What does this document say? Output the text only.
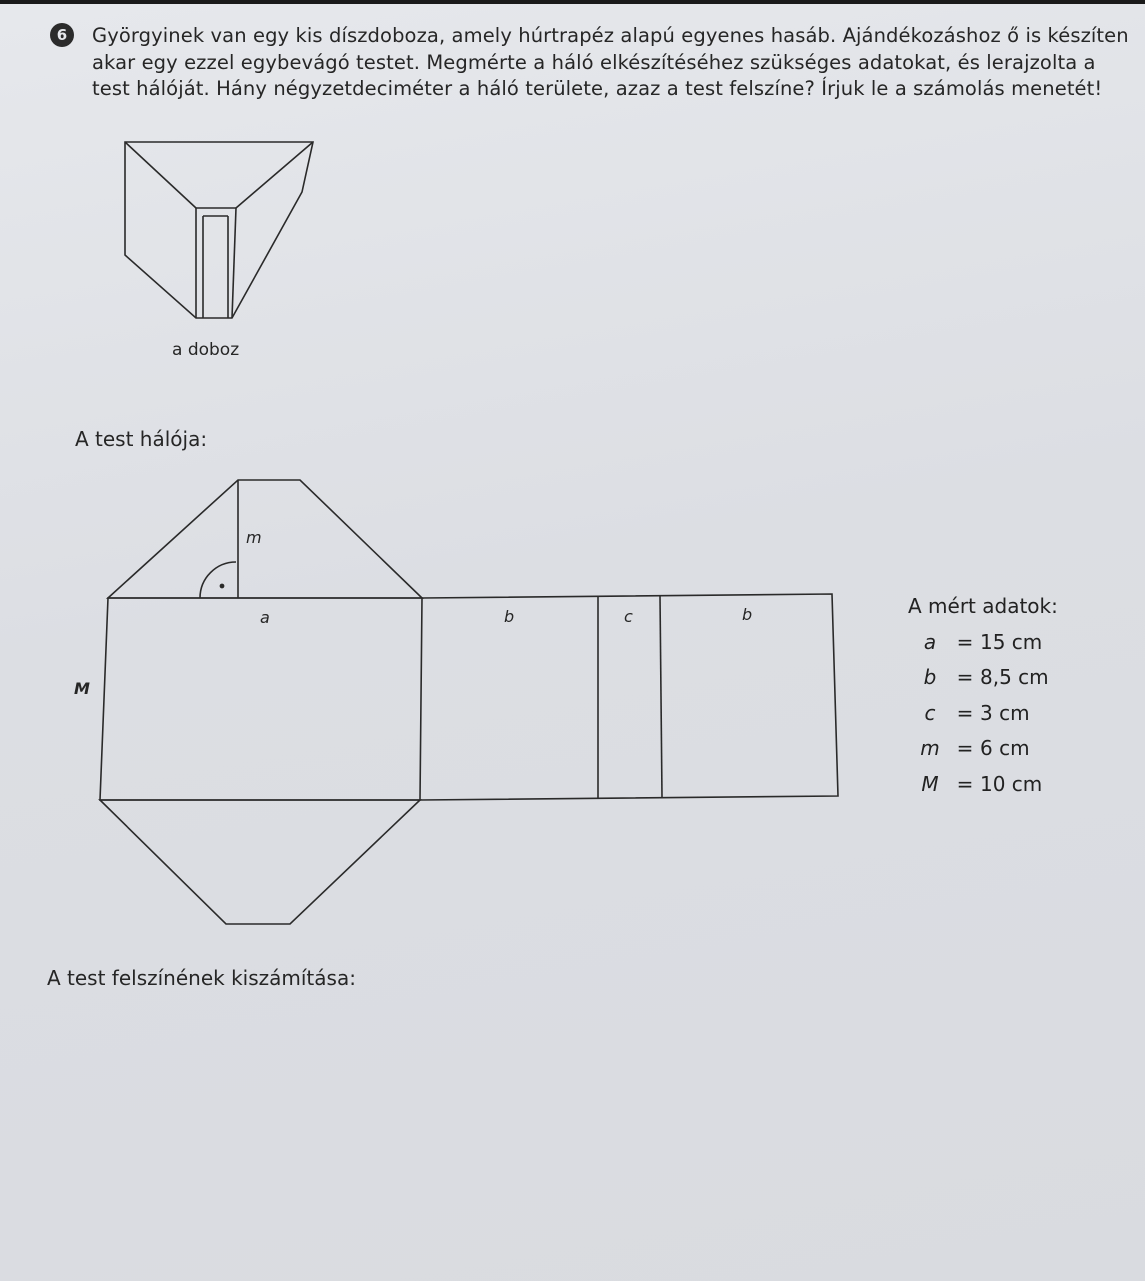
6	Györgyinek van egy kis díszdoboza, amely húrtrapéz alapú egyenes hasáb. Ajándékozáshoz ő is készíten
akar egy ezzel egybevágó testet. Megmérte a háló elkészítéséhez szükséges adatokat, és lerajzolta a
test hálóját. Hány négyzetdeciméter a háló területe, azaz a test felszíne? Írjuk le a számolás menetét!
a doboz
A test hálója:
m
a	b	c	b
M
A mért adatok:
a	= 15 cm
b	= 8,5 cm
c	= 3 cm
m = 6 cm
M = 10 cm
A test felszínének kiszámítása:
